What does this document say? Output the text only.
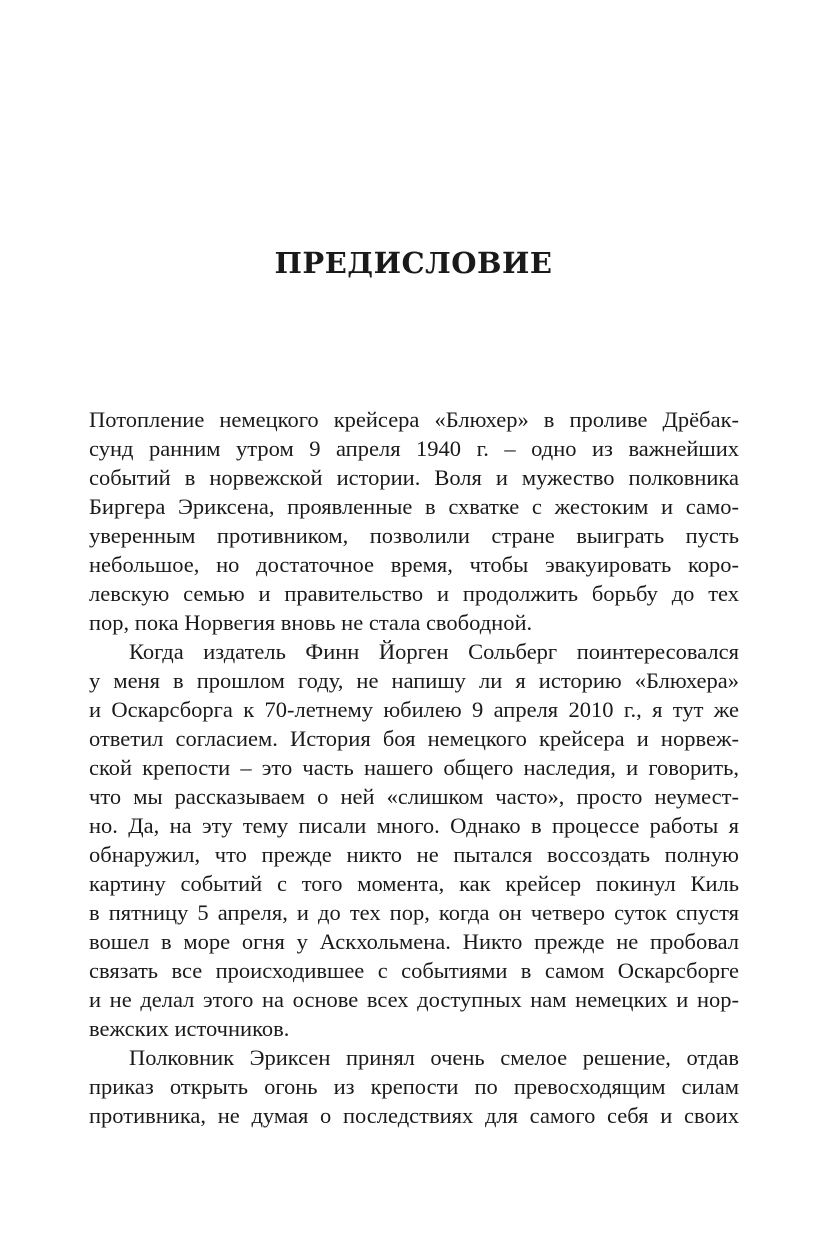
ПРЕДИСЛОВИЕ
Потопление немецкого крейсера «Блюхер» в проливе Дрёбак-
сунд ранним утром 9 апреля 1940 г. – одно из важнейших
событий в норвежской истории. Воля и мужество полковника
Биргера Эриксена, проявленные в схватке с жестоким и само-
уверенным противником, позволили стране выиграть пусть
небольшое, но достаточное время, чтобы эвакуировать коро-
левскую семью и правительство и продолжить борьбу до тех
пор, пока Норвегия вновь не стала свободной.
Когда издатель Финн Йорген Сольберг поинтересовался
у меня в прошлом году, не напишу ли я историю «Блюхера»
и Оскарсборга к 70-летнему юбилею 9 апреля 2010 г., я тут же
ответил согласием. История боя немецкого крейсера и норвеж-
ской крепости – это часть нашего общего наследия, и говорить,
что мы рассказываем о ней «слишком часто», просто неумест-
но. Да, на эту тему писали много. Однако в процессе работы я
обнаружил, что прежде никто не пытался воссоздать полную
картину событий с того момента, как крейсер покинул Киль
в пятницу 5 апреля, и до тех пор, когда он четверо суток спустя
вошел в море огня у Аскхольмена. Никто прежде не пробовал
связать все происходившее с событиями в самом Оскарсборге
и не делал этого на основе всех доступных нам немецких и нор-
вежских источников.
Полковник Эриксен принял очень смелое решение, отдав
приказ открыть огонь из крепости по превосходящим силам
противника, не думая о последствиях для самого себя и своих
